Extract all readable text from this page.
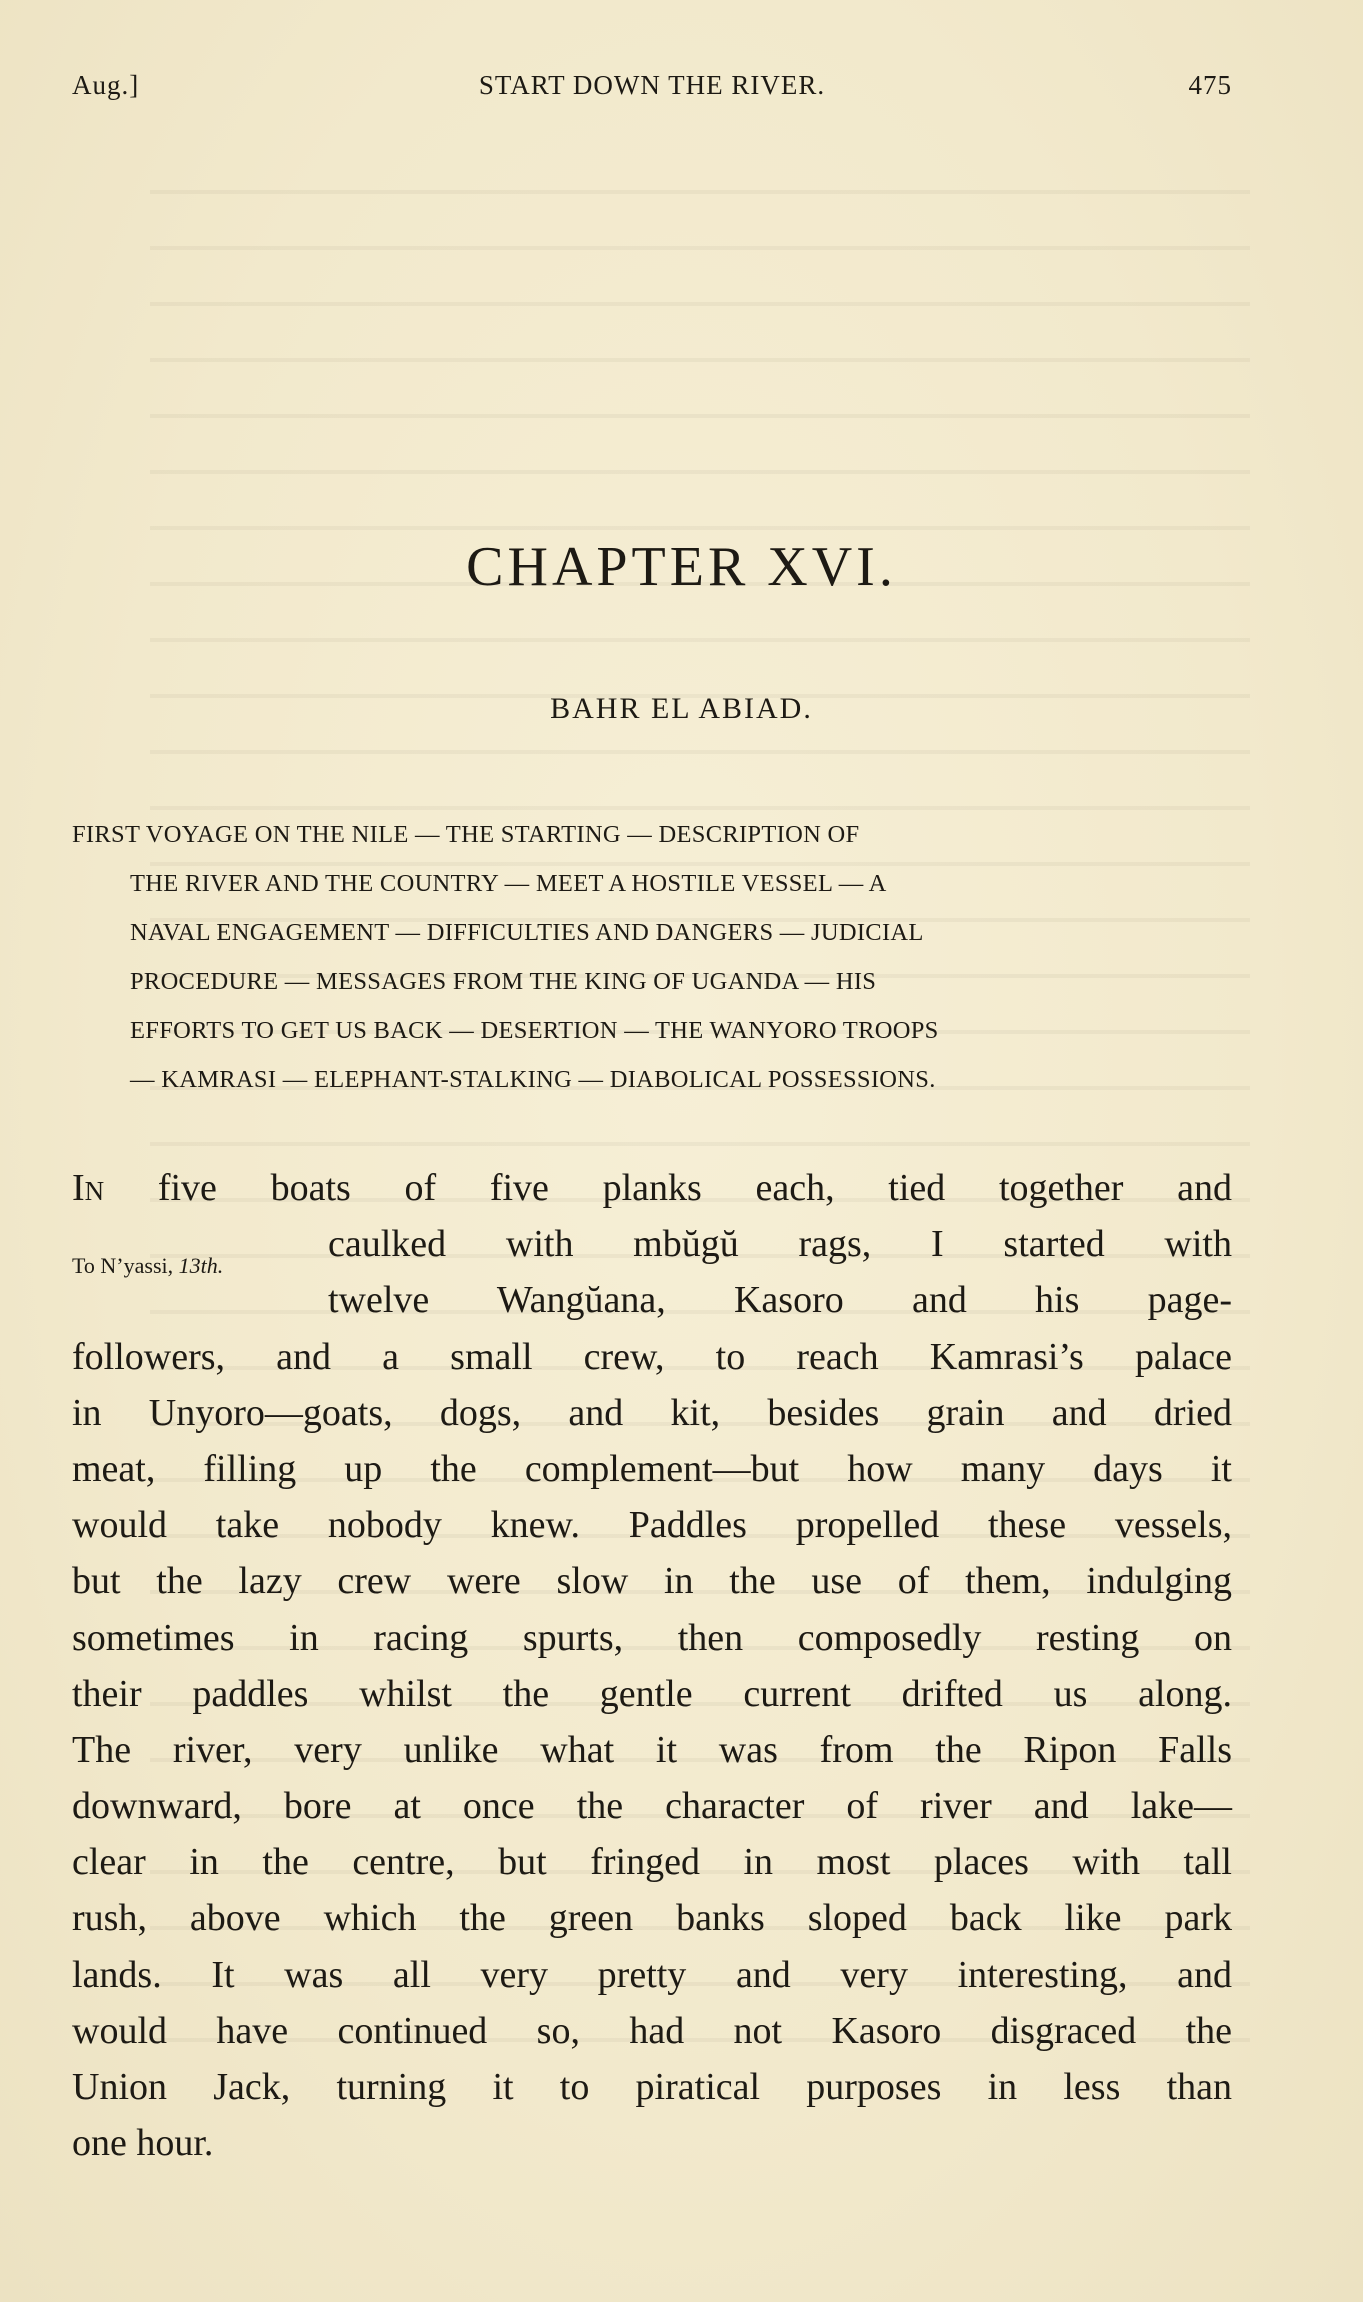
Aug.]	START DOWN THE RIVER.	475
CHAPTER XVI.
BAHR EL ABIAD.
FIRST VOYAGE ON THE NILE — THE STARTING — DESCRIPTION OF
THE RIVER AND THE COUNTRY — MEET A HOSTILE VESSEL — A
NAVAL ENGAGEMENT — DIFFICULTIES AND DANGERS — JUDICIAL
PROCEDURE — MESSAGES FROM THE KING OF UGANDA — HIS
EFFORTS TO GET US BACK — DESERTION — THE WANYORO TROOPS
— KAMRASI — ELEPHANT-STALKING — DIABOLICAL POSSESSIONS.
To N’yassi, 13th.
In five boats of five planks each, tied together and
caulked with mbŭgŭ rags, I started with
twelve Wangŭana, Kasoro and his page-
followers, and a small crew, to reach Kamrasi’s palace
in Unyoro—goats, dogs, and kit, besides grain and dried
meat, filling up the complement—but how many days it
would take nobody knew. Paddles propelled these vessels,
but the lazy crew were slow in the use of them, indulging
sometimes in racing spurts, then composedly resting on
their paddles whilst the gentle current drifted us along.
The river, very unlike what it was from the Ripon Falls
downward, bore at once the character of river and lake—
clear in the centre, but fringed in most places with tall
rush, above which the green banks sloped back like park
lands. It was all very pretty and very interesting, and
would have continued so, had not Kasoro disgraced the
Union Jack, turning it to piratical purposes in less than
one hour.
